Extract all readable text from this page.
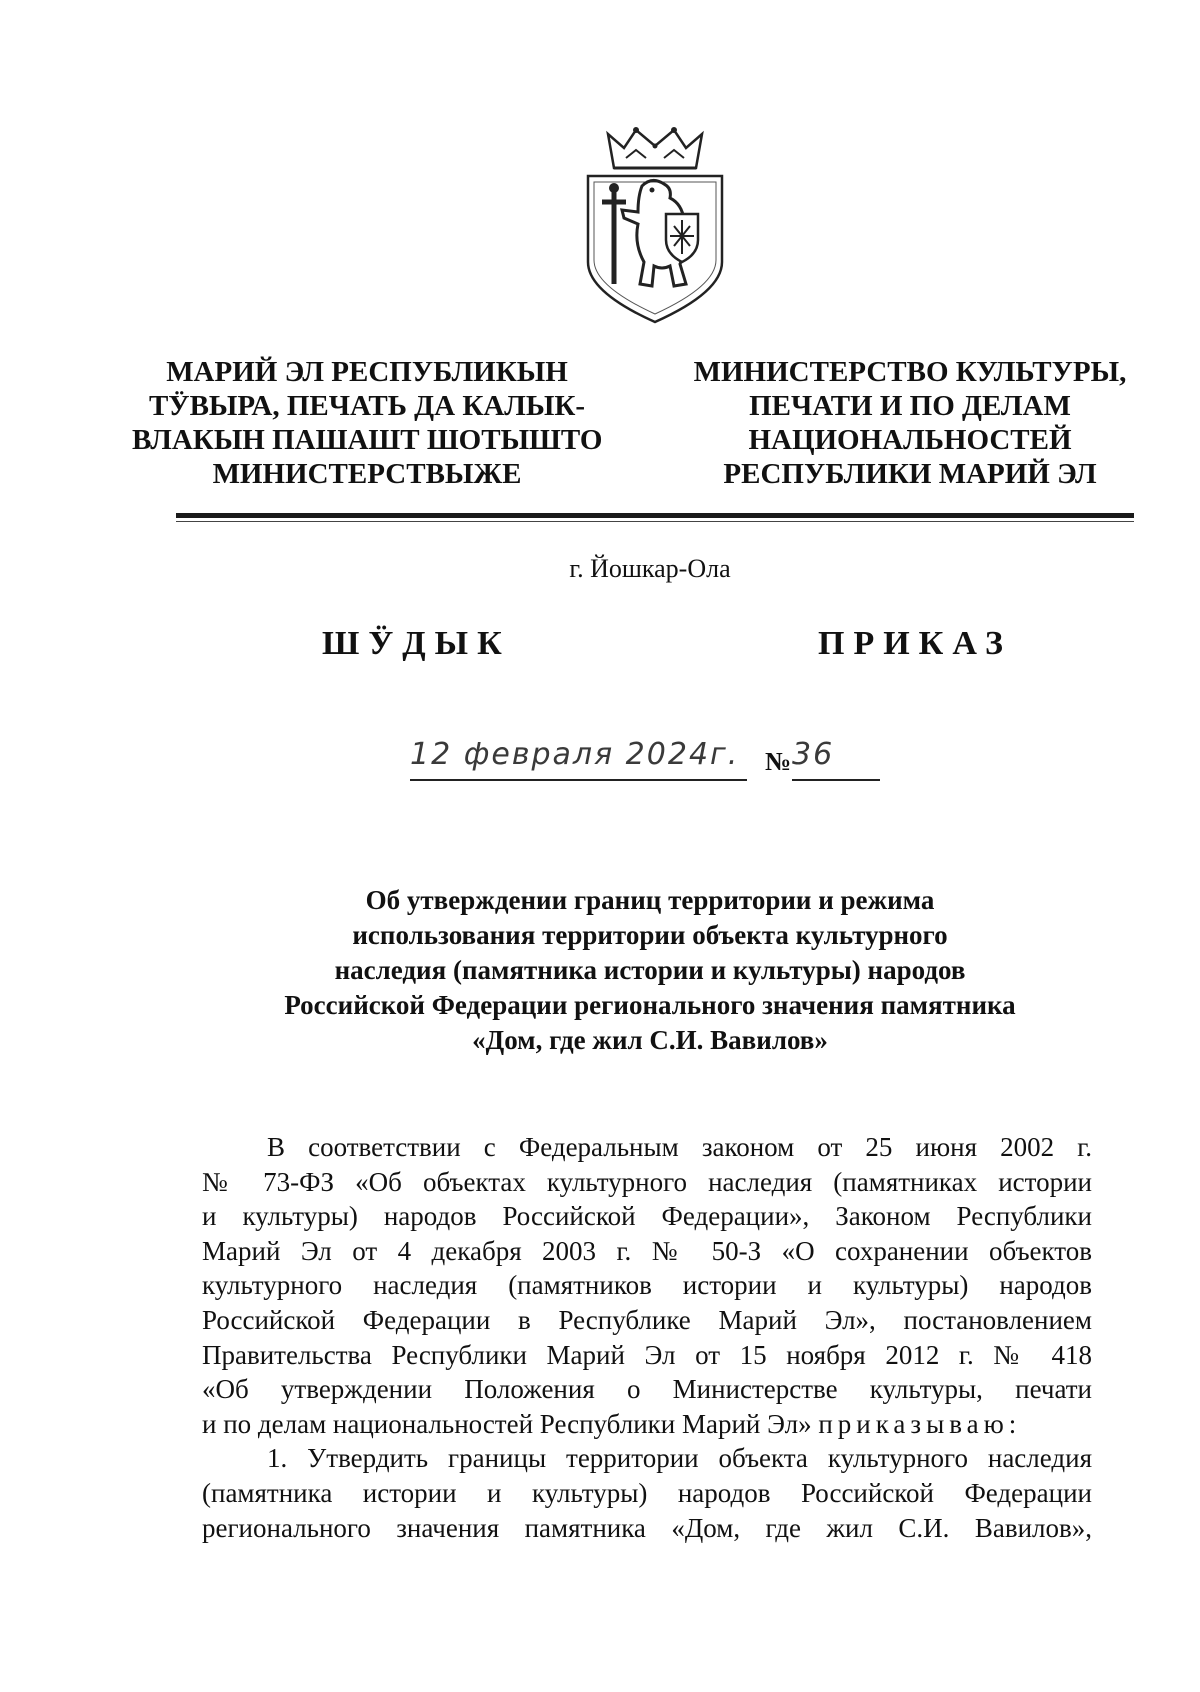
МАРИЙ ЭЛ РЕСПУБЛИКЫН
ТӰВЫРА, ПЕЧАТЬ ДА КАЛЫК-
ВЛАКЫН ПАШАШТ ШОТЫШТО
МИНИСТЕРСТВЫЖЕ
МИНИСТЕРСТВО КУЛЬТУРЫ,
ПЕЧАТИ И ПО ДЕЛАМ
НАЦИОНАЛЬНОСТЕЙ
РЕСПУБЛИКИ МАРИЙ ЭЛ
г. Йошкар-Ола
ШӰДЫК	ПРИКАЗ
12 февраля 2024г. № 36
Об утверждении границ территории и режима
использования территории объекта культурного
наследия (памятника истории и культуры) народов
Российской Федерации регионального значения памятника
«Дом, где жил С.И. Вавилов»

В соответствии с Федеральным законом от 25 июня 2002 г.

№ 73-ФЗ «Об объектах культурного наследия (памятниках истории

и культуры) народов Российской Федерации», Законом Республики

Марий Эл от 4 декабря 2003 г. № 50-З «О сохранении объектов

культурного наследия (памятников истории и культуры) народов

Российской Федерации в Республике Марий Эл», постановлением

Правительства Республики Марий Эл от 15 ноября 2012 г. № 418

«Об утверждении Положения о Министерстве культуры, печати

и по делам национальностей Республики Марий Эл» приказываю:

1. Утвердить границы территории объекта культурного наследия

(памятника истории и культуры) народов Российской Федерации

регионального значения памятника «Дом, где жил С.И. Вавилов»,
